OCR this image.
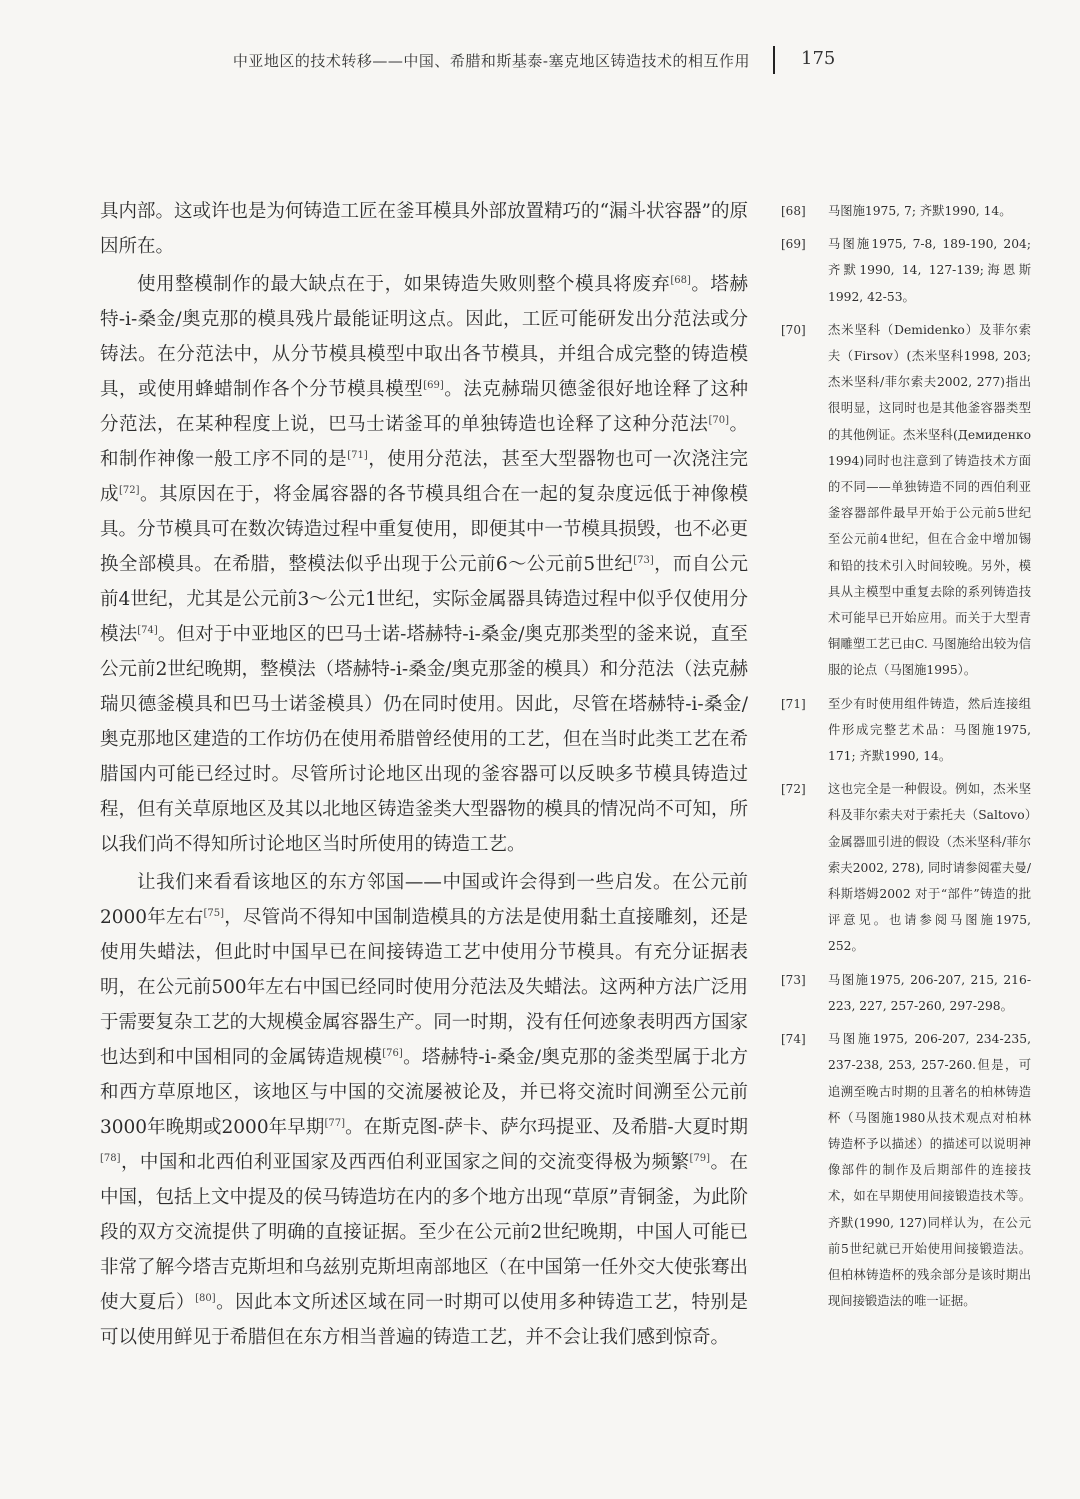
中亚地区的技术转移——中国、希腊和斯基泰-塞克地区铸造技术的相互作用	175

具内部。这或许也是为何铸造工匠在釜耳模具外部放置精巧的“漏斗状容器”的原因所在。

使用整模制作的最大缺点在于，如果铸造失败则整个模具将废弃[68]。塔赫特-i-桑金/奥克那的模具残片最能证明这点。因此，工匠可能研发出分范法或分铸法。在分范法中，从分节模具模型中取出各节模具，并组合成完整的铸造模具，或使用蜂蜡制作各个分节模具模型[69]。法克赫瑞贝德釜很好地诠释了这种分范法，在某种程度上说，巴马士诺釜耳的单独铸造也诠释了这种分范法[70]。和制作神像一般工序不同的是[71]，使用分范法，甚至大型器物也可一次浇注完成[72]。其原因在于，将金属容器的各节模具组合在一起的复杂度远低于神像模具。分节模具可在数次铸造过程中重复使用，即便其中一节模具损毁，也不必更换全部模具。在希腊，整模法似乎出现于公元前6～公元前5世纪[73]，而自公元前4世纪，尤其是公元前3～公元1世纪，实际金属器具铸造过程中似乎仅使用分模法[74]。但对于中亚地区的巴马士诺-塔赫特-i-桑金/奥克那类型的釜来说，直至公元前2世纪晚期，整模法（塔赫特-i-桑金/奥克那釜的模具）和分范法（法克赫瑞贝德釜模具和巴马士诺釜模具）仍在同时使用。因此，尽管在塔赫特-i-桑金/奥克那地区建造的工作坊仍在使用希腊曾经使用的工艺，但在当时此类工艺在希腊国内可能已经过时。尽管所讨论地区出现的釜容器可以反映多节模具铸造过程，但有关草原地区及其以北地区铸造釜类大型器物的模具的情况尚不可知，所以我们尚不得知所讨论地区当时所使用的铸造工艺。

让我们来看看该地区的东方邻国——中国或许会得到一些启发。在公元前2000年左右[75]，尽管尚不得知中国制造模具的方法是使用黏土直接雕刻，还是使用失蜡法，但此时中国早已在间接铸造工艺中使用分节模具。有充分证据表明，在公元前500年左右中国已经同时使用分范法及失蜡法。这两种方法广泛用于需要复杂工艺的大规模金属容器生产。同一时期，没有任何迹象表明西方国家也达到和中国相同的金属铸造规模[76]。塔赫特-i-桑金/奥克那的釜类型属于北方和西方草原地区，该地区与中国的交流屡被论及，并已将交流时间溯至公元前3000年晚期或2000年早期[77]。在斯克图-萨卡、萨尔玛提亚、及希腊-大夏时期[78]，中国和北西伯利亚国家及西西伯利亚国家之间的交流变得极为频繁[79]。在中国，包括上文中提及的侯马铸造坊在内的多个地方出现“草原”青铜釜，为此阶段的双方交流提供了明确的直接证据。至少在公元前2世纪晚期，中国人可能已非常了解今塔吉克斯坦和乌兹别克斯坦南部地区（在中国第一任外交大使张骞出使大夏后）[80]。因此本文所述区域在同一时期可以使用多种铸造工艺，特别是可以使用鲜见于希腊但在东方相当普遍的铸造工艺，并不会让我们感到惊奇。

[68] 马图施1975, 7; 齐默1990, 14。
[69] 马图施1975, 7-8, 189-190, 204; 齐默1990, 14, 127-139;海恩斯1992, 42-53。
[70] 杰米坚科（Demidenko）及菲尔索夫（Firsov）(杰米坚科1998, 203;杰米坚科/菲尔索夫2002, 277)指出很明显，这同时也是其他釜容器类型的其他例证。杰米坚科(Демиденко 1994)同时也注意到了铸造技术方面的不同——单独铸造不同的西伯利亚釜容器部件最早开始于公元前5世纪至公元前4世纪，但在合金中增加锡和铅的技术引入时间较晚。另外，模具从主模型中重复去除的系列铸造技术可能早已开始应用。而关于大型青铜雕塑工艺已由C. 马图施给出较为信服的论点（马图施1995）。
[71] 至少有时使用组件铸造，然后连接组件形成完整艺术品：马图施1975, 171; 齐默1990, 14。
[72] 这也完全是一种假设。例如，杰米坚科及菲尔索夫对于索托夫（Saltovo）金属器皿引进的假设（杰米坚科/菲尔索夫2002, 278), 同时请参阅霍夫曼/科斯塔姆2002 对于“部件”铸造的批评意见。也请参阅马图施1975, 252。
[73] 马图施1975, 206-207, 215, 216-223, 227, 257-260, 297-298。
[74] 马图施1975, 206-207, 234-235, 237-238, 253, 257-260.但是，可追溯至晚古时期的且著名的柏林铸造杯（马图施1980从技术观点对柏林铸造杯予以描述）的描述可以说明神像部件的制作及后期部件的连接技术，如在早期使用间接锻造技术等。齐默(1990, 127)同样认为，在公元前5世纪就已开始使用间接锻造法。但柏林铸造杯的残余部分是该时期出现间接锻造法的唯一证据。
